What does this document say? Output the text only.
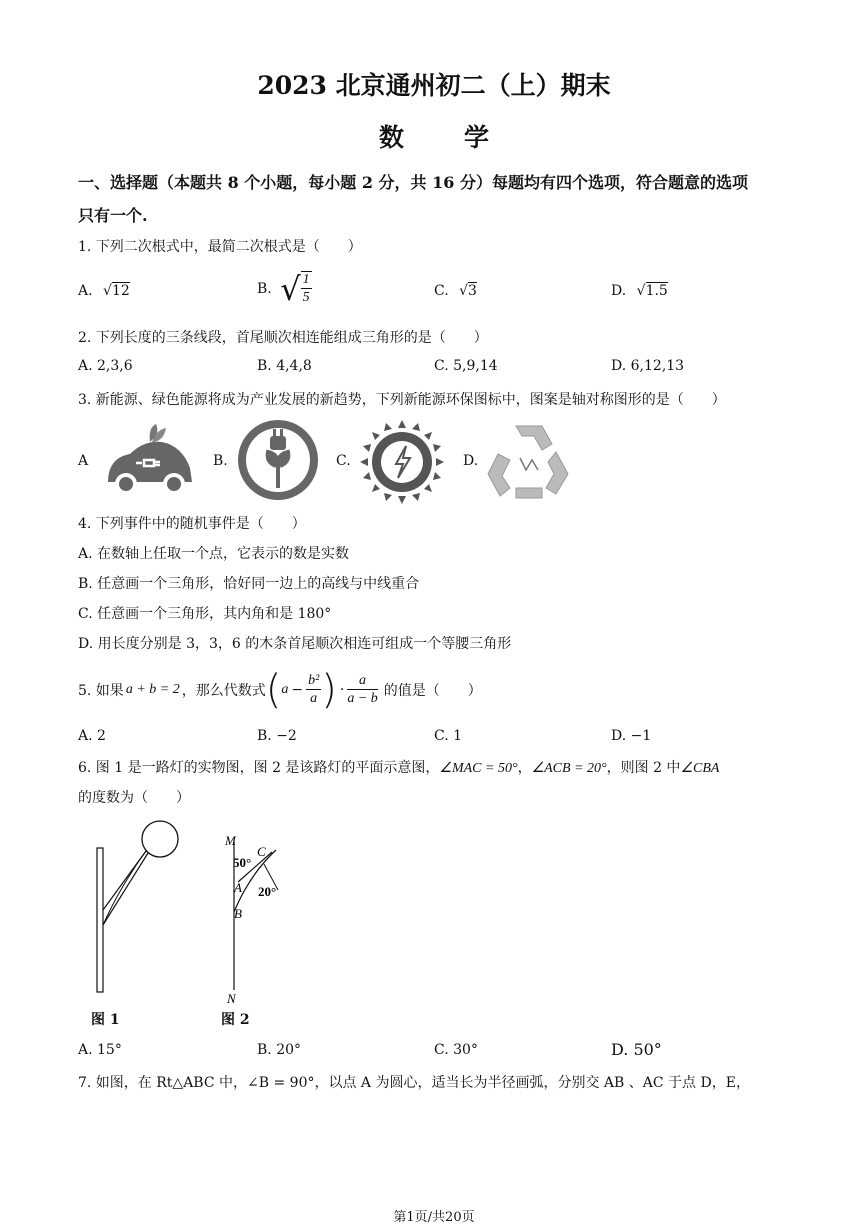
2023 北京通州初二（上）期末
数 学
一、选择题（本题共 8 个小题，每小题 2 分，共 16 分）每题均有四个选项，符合题意的选项
只有一个.
1. 下列二次根式中，最简二次根式是（　　）
A. √12	B. √ $\frac{1}{5}$	C. √3	D. √1.5
2. 下列长度的三条线段，首尾顺次相连能组成三角形的是（　　）
A. 2,3,6	B. 4,4,8	C. 5,9,14	D. 6,12,13
3. 新能源、绿色能源将成为产业发展的新趋势，下列新能源环保图标中，图案是轴对称图形的是（　　）
A	B.	C.	D.
4. 下列事件中的随机事件是（　　）
A. 在数轴上任取一个点，它表示的数是实数
B. 任意画一个三角形，恰好同一边上的高线与中线重合
C. 任意画一个三角形，其内角和是 180°
D. 用长度分别是 3，3，6 的木条首尾顺次相连可组成一个等腰三角形
5. 如果 a + b = 2 ，那么代数式 ( $a - \frac{\text{b²}}{a}$ ) · $\frac{a}{a - b}$ 的值是（　　）
A. 2	B. −2	C. 1	D. −1
6. 图 1 是一路灯的实物图，图 2 是该路灯的平面示意图，∠MAC = 50°，∠ACB = 20°，则图 2 中∠CBA
的度数为（　　）
图 1
M
C
50°
A 20°
B
N
图 2
A. 15°	B. 20°	C. 30°	D. 50°
7. 如图，在 Rt△ABC 中，∠B = 90°，以点 A 为圆心，适当长为半径画弧，分别交 AB 、AC 于点 D，E，
第1页/共20页
